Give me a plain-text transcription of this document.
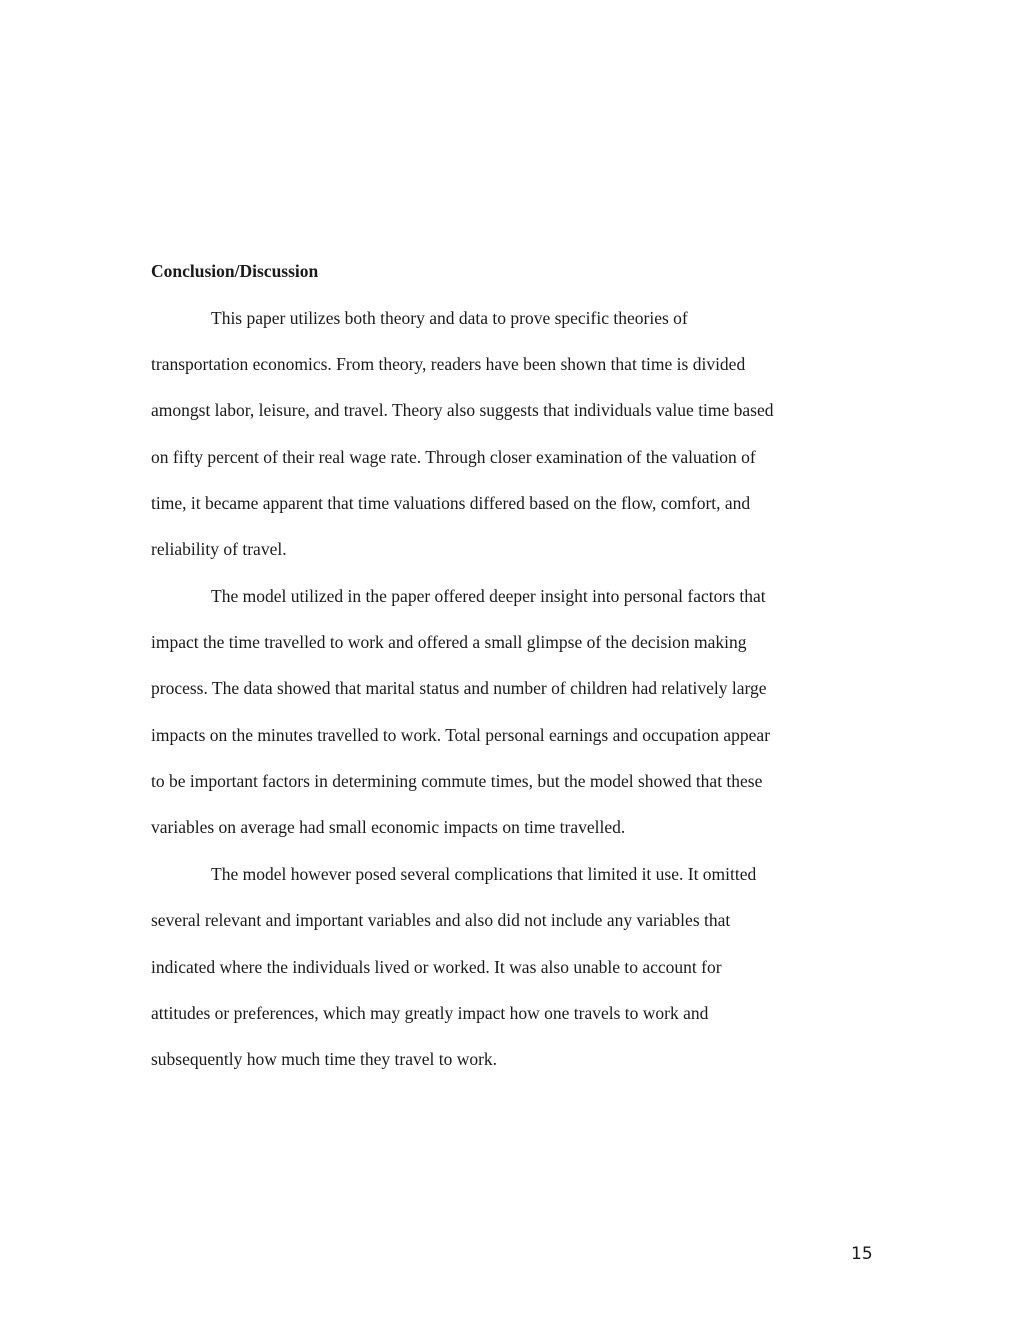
Conclusion/Discussion

This paper utilizes both theory and data to prove specific theories of

transportation economics. From theory, readers have been shown that time is divided

amongst labor, leisure, and travel. Theory also suggests that individuals value time based

on fifty percent of their real wage rate. Through closer examination of the valuation of

time, it became apparent that time valuations differed based on the flow, comfort, and

reliability of travel.

The model utilized in the paper offered deeper insight into personal factors that

impact the time travelled to work and offered a small glimpse of the decision making

process. The data showed that marital status and number of children had relatively large

impacts on the minutes travelled to work. Total personal earnings and occupation appear

to be important factors in determining commute times, but the model showed that these

variables on average had small economic impacts on time travelled.

The model however posed several complications that limited it use. It omitted

several relevant and important variables and also did not include any variables that

indicated where the individuals lived or worked. It was also unable to account for

attitudes or preferences, which may greatly impact how one travels to work and

subsequently how much time they travel to work.

15
